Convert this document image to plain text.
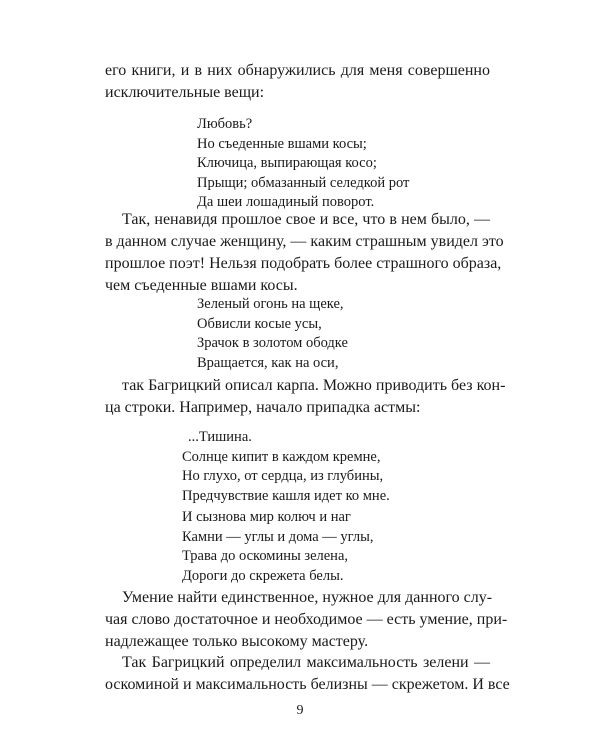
его книги, и в них обнаружились для меня совершенно
исключительные вещи:
Любовь?
Но съеденные вшами косы;
Ключица, выпирающая косо;
Прыщи; обмазанный селедкой рот
Да шеи лошадиный поворот.
Так, ненавидя прошлое свое и все, что в нем было, —
в данном случае женщину, — каким страшным увидел это
прошлое поэт! Нельзя подобрать более страшного образа,
чем съеденные вшами косы.
Зеленый огонь на щеке,
Обвисли косые усы,
Зрачок в золотом ободке
Вращается, как на оси,
так Багрицкий описал карпа. Можно приводить без кон-
ца строки. Например, начало припадка астмы:
...Тишина.
Солнце кипит в каждом кремне,
Но глухо, от сердца, из глубины,
Предчувствие кашля идет ко мне.
И сызнова мир колюч и наг
Камни — углы и дома — углы,
Трава до оскомины зелена,
Дороги до скрежета белы.
Умение найти единственное, нужное для данного слу-
чая слово достаточное и необходимое — есть умение, при-
надлежащее только высокому мастеру.
Так Багрицкий определил максимальность зелени —
оскоминой и максимальность белизны — скрежетом. И все
9
